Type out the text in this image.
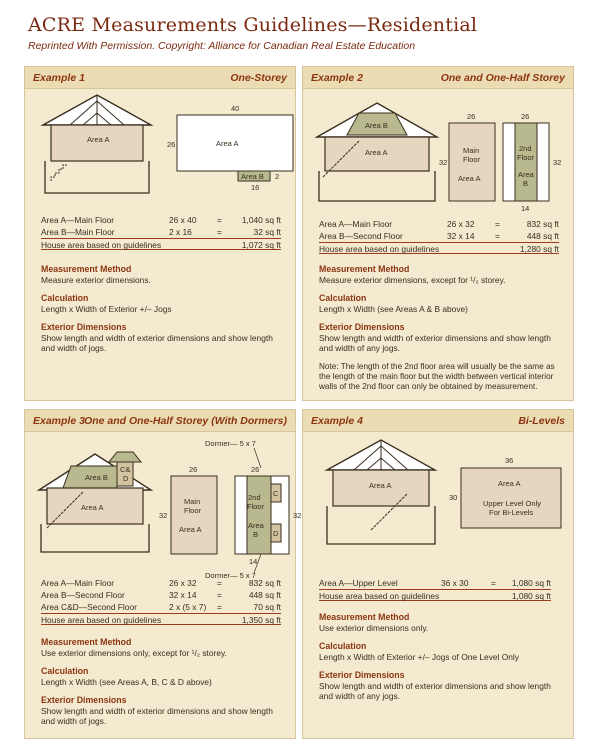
ACRE Measurements Guidelines—Residential
Reprinted With Permission. Copyright: Alliance for Canadian Real Estate Education
Example 1	One-Storey
Area A	Area A
Area B
40
26
16
2
Area A—Main Floor	26 x 40 = 1,040 sq ft
Area B—Main Floor	2 x 16	=	32 sq ft
House area based on guidelines	1,072 sq ft
Measurement Method

Measure exterior dimensions.

Calculation

Length x Width of Exterior +/– Jogs

Exterior Dimensions

Show length and width of exterior dimensions and show length and width of jogs.

Example 2	One and One-Half Storey
Area B
Area A
26
32
Main
Floor
Area A
26
32
2nd
Floor
Area
B
14
Area A—Main Floor	26 x 32 =	832 sq ft
Area B—Second Floor	32 x 14 =	448 sq ft
House area based on guidelines	1,280 sq ft
Measurement Method

Measure exterior dimensions, except for ¹/₂ storey.

Calculation

Length x Width (see Areas A & B above)

Exterior Dimensions

Show length and width of exterior dimensions and show length and width of any jogs.

Note: The length of the 2nd floor area will usually be the same as the length of the main floor but the width between vertical interior walls of the 2nd floor can only be obtained by measurement.
Example 3 One and One-Half Storey (With Dormers)
Area B
C&
D
Area A
26
32
Main
Floor
Area A
Dormer— 5 x 7
26
32
2nd
Floor
Area
B
C
D
14
Dormer— 5 x 7
Area A—Main Floor	26 x 32 =	832 sq ft
Area B—Second Floor	32 x 14 =	448 sq ft
Area C&D—Second Floor	2 x (5 x 7) =	70 sq ft
House area based on guidelines	1,350 sq ft
Measurement Method

Use exterior dimensions only, except for ¹/₂ storey.

Calculation

Length x Width (see Areas A, B, C & D above)

Exterior Dimensions

Show length and width of exterior dimensions and show length and width of jogs.

Example 4	Bi-Levels
Area A
36
30
Area A
Upper Level Only
For Bi-Levels
Area A—Upper Level	36 x 30	= 1,080 sq ft
House area based on guidelines	1,080 sq ft
Measurement Method

Use exterior dimensions only.

Calculation

Length x Width of Exterior +/– Jogs of One Level Only

Exterior Dimensions

Show length and width of exterior dimensions and show length and width of any jogs.
